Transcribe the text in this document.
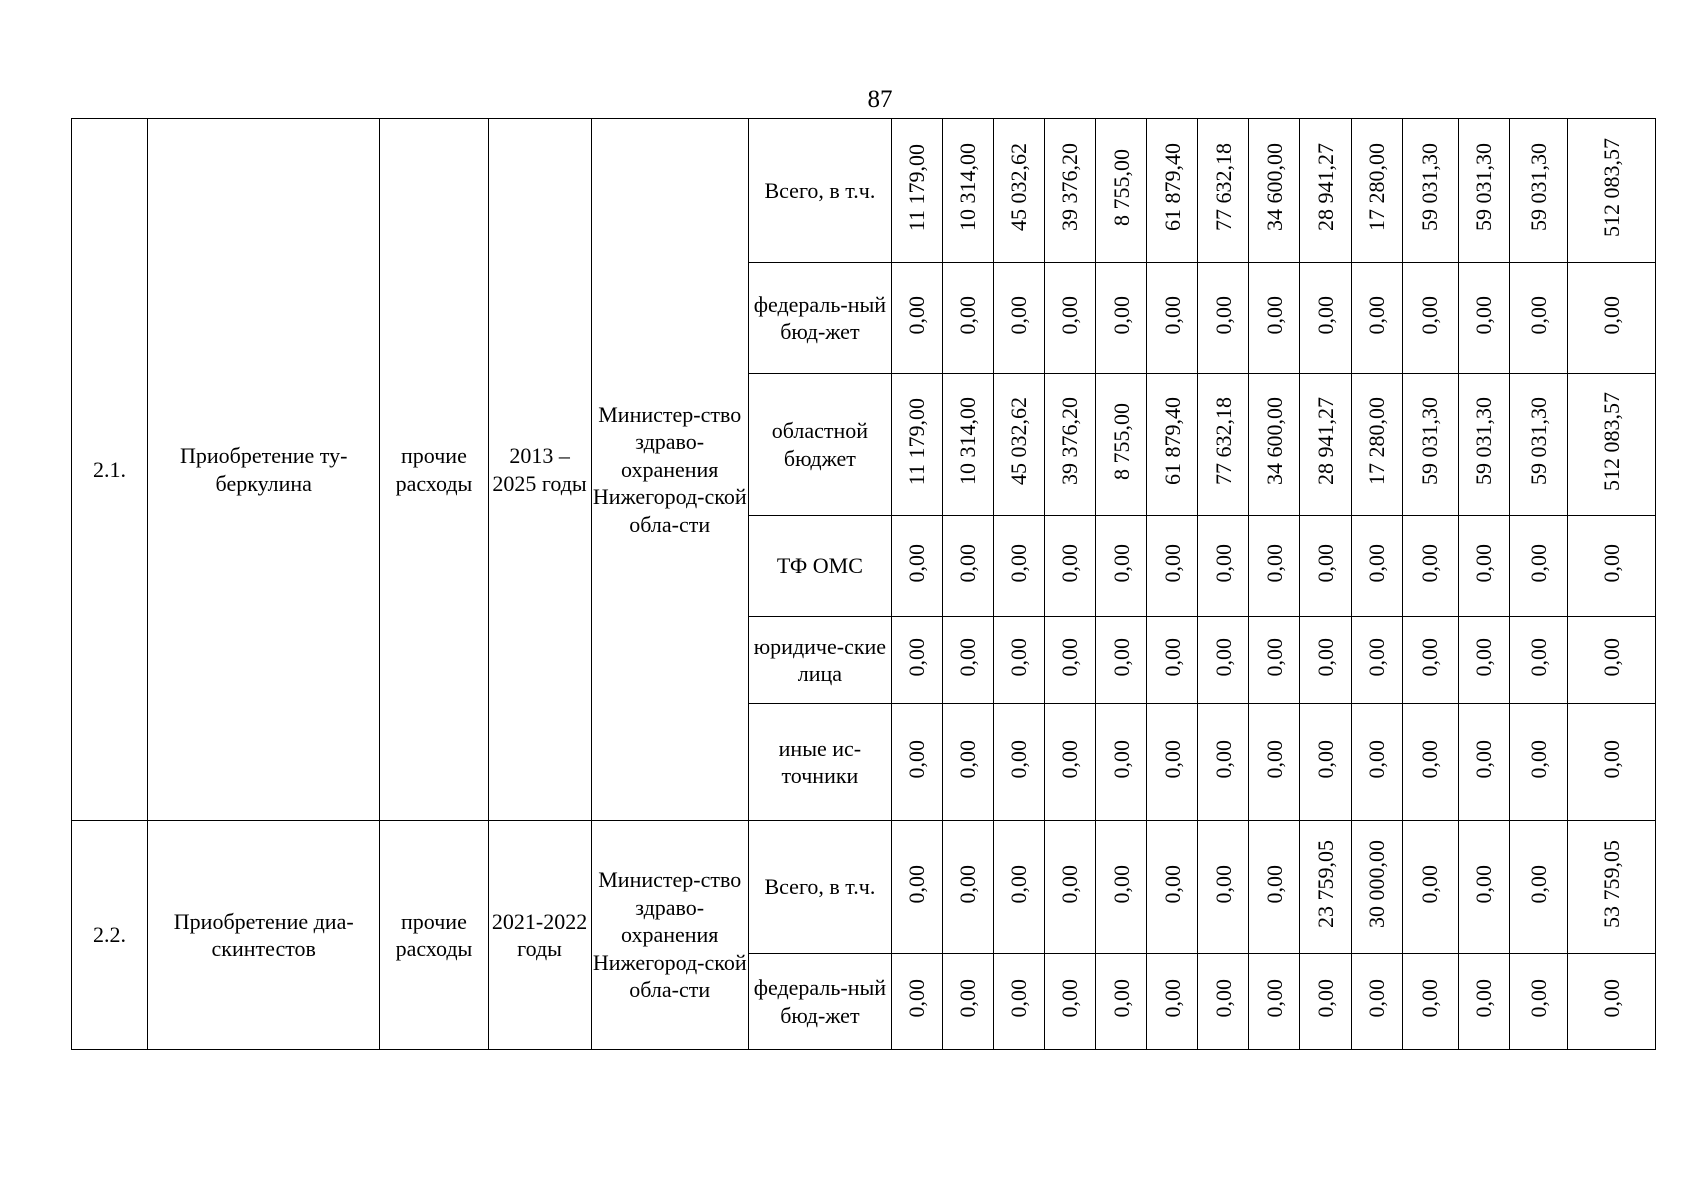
87
2.1.	Приобретение ту-беркулина	прочие расходы	2013 – 2025 годы	Министер-ство здраво-охранения Нижегород-ской обла-сти	Всего, в т.ч.	11 179,00	10 314,00	45 032,62	39 376,20	8 755,00	61 879,40	77 632,18	34 600,00	28 941,27	17 280,00	59 031,30	59 031,30	59 031,30	512 083,57
					федераль-ный бюд-жет	0,00	0,00	0,00	0,00	0,00	0,00	0,00	0,00	0,00	0,00	0,00	0,00	0,00	0,00
					областной бюджет	11 179,00	10 314,00	45 032,62	39 376,20	8 755,00	61 879,40	77 632,18	34 600,00	28 941,27	17 280,00	59 031,30	59 031,30	59 031,30	512 083,57
					ТФ ОМС	0,00	0,00	0,00	0,00	0,00	0,00	0,00	0,00	0,00	0,00	0,00	0,00	0,00	0,00
					юридиче-ские лица	0,00	0,00	0,00	0,00	0,00	0,00	0,00	0,00	0,00	0,00	0,00	0,00	0,00	0,00
					иные ис-точники	0,00	0,00	0,00	0,00	0,00	0,00	0,00	0,00	0,00	0,00	0,00	0,00	0,00	0,00
2.2.	Приобретение диа-скинтестов	прочие расходы	2021-2022 годы	Министер-ство здраво-охранения Нижегород-ской обла-сти	Всего, в т.ч.	0,00	0,00	0,00	0,00	0,00	0,00	0,00	0,00	23 759,05	30 000,00	0,00	0,00	0,00	53 759,05
					федераль-ный бюд-жет	0,00	0,00	0,00	0,00	0,00	0,00	0,00	0,00	0,00	0,00	0,00	0,00	0,00	0,00
